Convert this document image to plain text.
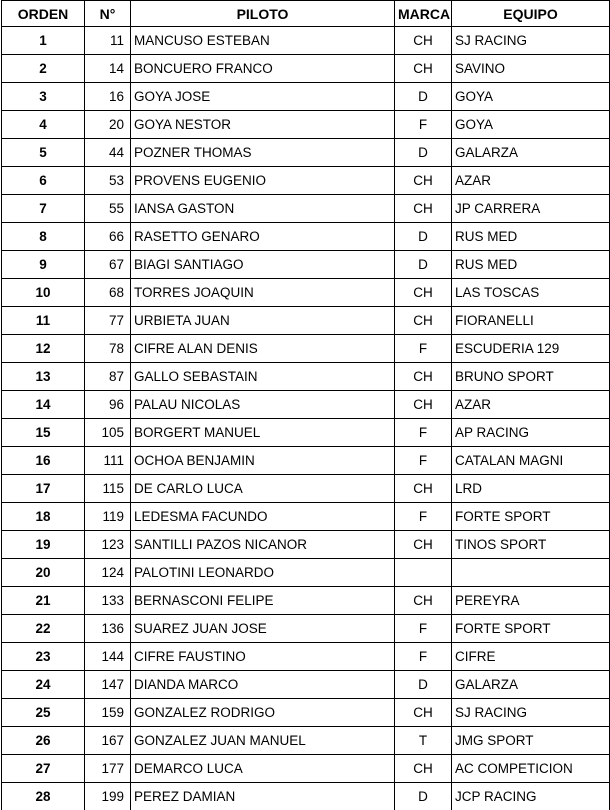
ORDEN	N°	PILOTO	MARCA	EQUIPO
1	11	MANCUSO ESTEBAN	CH	SJ RACING
2	14	BONCUERO FRANCO	CH	SAVINO
3	16	GOYA JOSE	D	GOYA
4	20	GOYA NESTOR	F	GOYA
5	44	POZNER THOMAS	D	GALARZA
6	53	PROVENS EUGENIO	CH	AZAR
7	55	IANSA GASTON	CH	JP CARRERA
8	66	RASETTO GENARO	D	RUS MED
9	67	BIAGI SANTIAGO	D	RUS MED
10	68	TORRES JOAQUIN	CH	LAS TOSCAS
11	77	URBIETA JUAN	CH	FIORANELLI
12	78	CIFRE ALAN DENIS	F	ESCUDERIA 129
13	87	GALLO SEBASTAIN	CH	BRUNO SPORT
14	96	PALAU NICOLAS	CH	AZAR
15	105	BORGERT MANUEL	F	AP RACING
16	111	OCHOA BENJAMIN	F	CATALAN MAGNI
17	115	DE CARLO LUCA	CH	LRD
18	119	LEDESMA FACUNDO	F	FORTE SPORT
19	123	SANTILLI PAZOS NICANOR	CH	TINOS SPORT
20	124	PALOTINI LEONARDO		
21	133	BERNASCONI FELIPE	CH	PEREYRA
22	136	SUAREZ JUAN JOSE	F	FORTE SPORT
23	144	CIFRE FAUSTINO	F	CIFRE
24	147	DIANDA MARCO	D	GALARZA
25	159	GONZALEZ RODRIGO	CH	SJ RACING
26	167	GONZALEZ JUAN MANUEL	T	JMG SPORT
27	177	DEMARCO LUCA	CH	AC COMPETICION
28	199	PEREZ DAMIAN	D	JCP RACING
